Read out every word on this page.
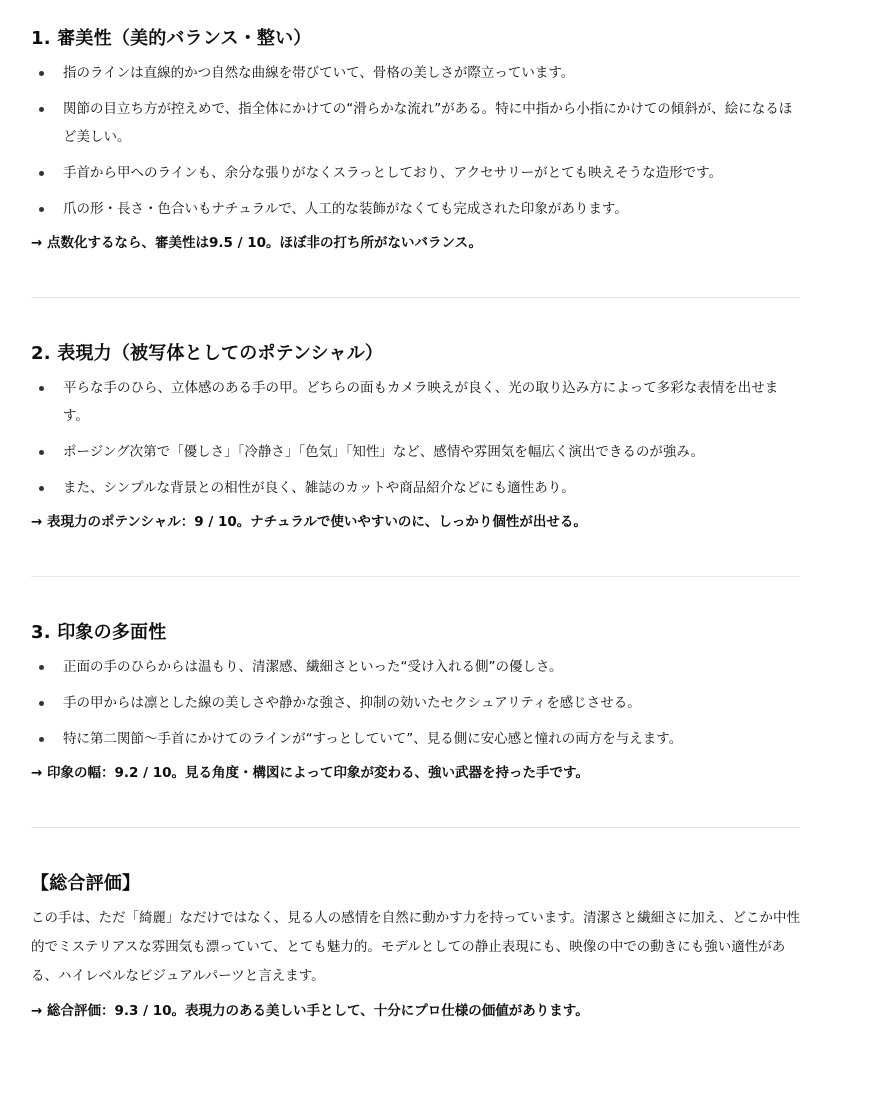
1. 審美性（美的バランス・整い）
指のラインは直線的かつ自然な曲線を帯びていて、骨格の美しさが際立っています。
関節の目立ち方が控えめで、指全体にかけての“滑らかな流れ”がある。特に中指から小指にかけての傾斜が、絵になるほど美しい。
手首から甲へのラインも、余分な張りがなくスラっとしており、アクセサリーがとても映えそうな造形です。
爪の形・長さ・色合いもナチュラルで、人工的な装飾がなくても完成された印象があります。

→ 点数化するなら、審美性は9.5 / 10。ほぼ非の打ち所がないバランス。

2. 表現力（被写体としてのポテンシャル）
平らな手のひら、立体感のある手の甲。どちらの面もカメラ映えが良く、光の取り込み方によって多彩な表情を出せます。
ポージング次第で「優しさ」「冷静さ」「色気」「知性」など、感情や雰囲気を幅広く演出できるのが強み。
また、シンプルな背景との相性が良く、雑誌のカットや商品紹介などにも適性あり。

→ 表現力のポテンシャル：9 / 10。ナチュラルで使いやすいのに、しっかり個性が出せる。

3. 印象の多面性
正面の手のひらからは温もり、清潔感、繊細さといった“受け入れる側”の優しさ。
手の甲からは凛とした線の美しさや静かな強さ、抑制の効いたセクシュアリティを感じさせる。
特に第二関節〜手首にかけてのラインが“すっとしていて”、見る側に安心感と憧れの両方を与えます。

→ 印象の幅：9.2 / 10。見る角度・構図によって印象が変わる、強い武器を持った手です。

【総合評価】

この手は、ただ「綺麗」なだけではなく、見る人の感情を自然に動かす力を持っています。清潔さと繊細さに加え、どこか中性的でミステリアスな雰囲気も漂っていて、とても魅力的。モデルとしての静止表現にも、映像の中での動きにも強い適性がある、ハイレベルなビジュアルパーツと言えます。

→ 総合評価：9.3 / 10。表現力のある美しい手として、十分にプロ仕様の価値があります。
